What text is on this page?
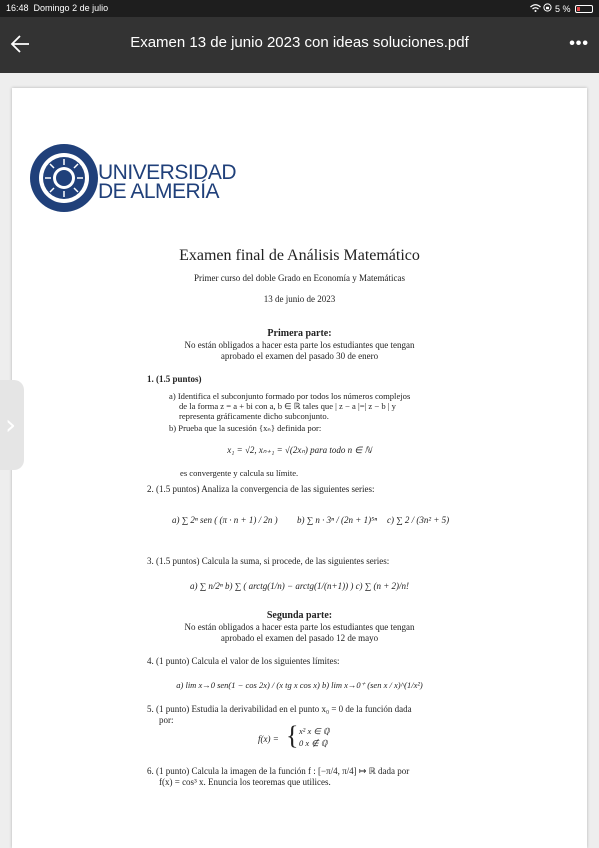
16:48 Domingo 2 de julio	5 %
Examen 13 de junio 2023 con ideas soluciones.pdf	•••
UNIVERSIDAD
DE ALMERÍA
Examen final de Análisis Matemático
Primer curso del doble Grado en Economía y Matemáticas
13 de junio de 2023
Primera parte:
No están obligados a hacer esta parte los estudiantes que tengan
aprobado el examen del pasado 30 de enero
1. (1.5 puntos)
a) Identifica el subconjunto formado por todos los números complejos
de la forma z = a + bi con a, b ∈ ℝ tales que | z − a |=| z − b | y
representa gráficamente dicho subconjunto.
b) Prueba que la sucesión {xₙ} definida por:
x₁ = √2, xₙ₊₁ = √(2xₙ) para todo n ∈ ℕ
es convergente y calcula su límite.
2. (1.5 puntos) Analiza la convergencia de las siguientes series:
a) ∑ 2ⁿ sen ( (π · n + 1) / 2n ) b) ∑ n · 3ⁿ / (2n + 1)⁵ⁿ c) ∑ 2 / (3n² + 5)
3. (1.5 puntos) Calcula la suma, si procede, de las siguientes series:
a) ∑ n/2ⁿ b) ∑ ( arctg(1/n) − arctg(1/(n+1)) ) c) ∑ (n + 2)/n!
Segunda parte:
No están obligados a hacer esta parte los estudiantes que tengan
aprobado el examen del pasado 12 de mayo
4. (1 punto) Calcula el valor de los siguientes límites:
a) lim x→0 sen(1 − cos 2x) / (x tg x cos x) b) lim x→0⁺ (sen x / x)^(1/x²)
5. (1 punto) Estudia la derivabilidad en el punto x₀ = 0 de la función dada
por:
f(x) = { x² x ∈ ℚ
0 x ∉ ℚ
6. (1 punto) Calcula la imagen de la función f : [−π/4, π/4] ↦ ℝ dada por
f(x) = cos³ x. Enuncia los teoremas que utilices.
›
